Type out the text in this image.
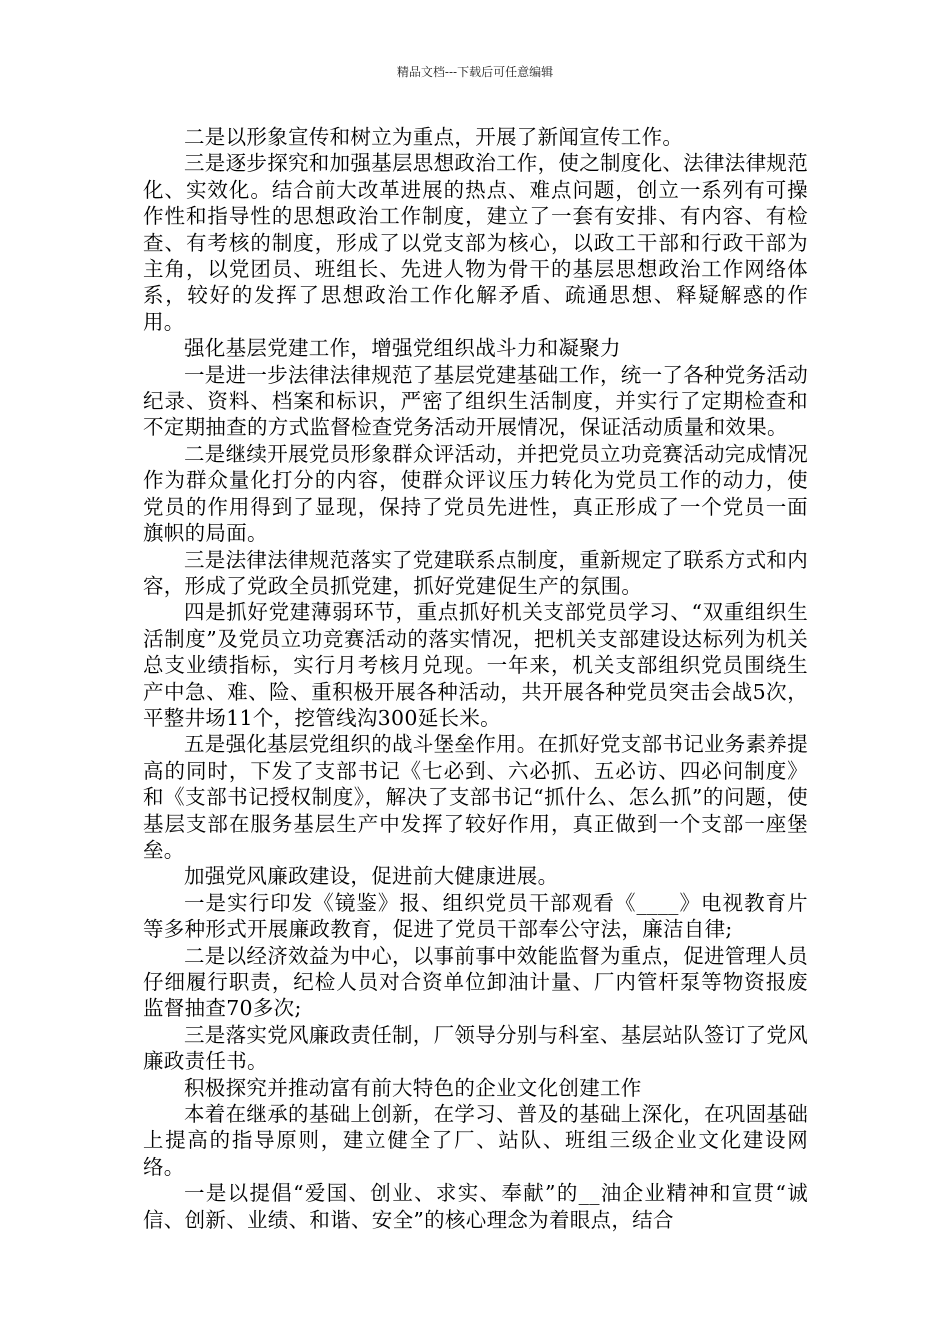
精品文档---下载后可任意编辑

二是以形象宣传和树立为重点，开展了新闻宣传工作。

三是逐步探究和加强基层思想政治工作，使之制度化、法律法律规范化、实效化。结合前大改革进展的热点、难点问题，创立一系列有可操作性和指导性的思想政治工作制度，建立了一套有安排、有内容、有检查、有考核的制度，形成了以党支部为核心，以政工干部和行政干部为主角，以党团员、班组长、先进人物为骨干的基层思想政治工作网络体系，较好的发挥了思想政治工作化解矛盾、疏通思想、释疑解惑的作用。

强化基层党建工作，增强党组织战斗力和凝聚力

一是进一步法律法律规范了基层党建基础工作，统一了各种党务活动纪录、资料、档案和标识，严密了组织生活制度，并实行了定期检查和不定期抽查的方式监督检查党务活动开展情况，保证活动质量和效果。

二是继续开展党员形象群众评活动，并把党员立功竞赛活动完成情况作为群众量化打分的内容，使群众评议压力转化为党员工作的动力，使党员的作用得到了显现，保持了党员先进性，真正形成了一个党员一面旗帜的局面。

三是法律法律规范落实了党建联系点制度，重新规定了联系方式和内容，形成了党政全员抓党建，抓好党建促生产的氛围。

四是抓好党建薄弱环节，重点抓好机关支部党员学习、“双重组织生活制度”及党员立功竞赛活动的落实情况，把机关支部建设达标列为机关总支业绩指标，实行月考核月兑现。一年来，机关支部组织党员围绕生产中急、难、险、重积极开展各种活动，共开展各种党员突击会战5次，平整井场11个，挖管线沟300延长米。

五是强化基层党组织的战斗堡垒作用。在抓好党支部书记业务素养提高的同时，下发了支部书记《七必到、六必抓、五必访、四必问制度》和《支部书记授权制度》，解决了支部书记“抓什么、怎么抓”的问题，使基层支部在服务基层生产中发挥了较好作用，真正做到一个支部一座堡垒。

加强党风廉政建设，促进前大健康进展。

一是实行印发《镜鉴》报、组织党员干部观看《____》电视教育片等多种形式开展廉政教育，促进了党员干部奉公守法，廉洁自律;

二是以经济效益为中心，以事前事中效能监督为重点，促进管理人员仔细履行职责，纪检人员对合资单位卸油计量、厂内管杆泵等物资报废监督抽查70多次;

三是落实党风廉政责任制，厂领导分别与科室、基层站队签订了党风廉政责任书。

积极探究并推动富有前大特色的企业文化创建工作

本着在继承的基础上创新，在学习、普及的基础上深化，在巩固基础上提高的指导原则，建立健全了厂、站队、班组三级企业文化建设网络。

一是以提倡“爱国、创业、求实、奉献”的__油企业精神和宣贯“诚信、创新、业绩、和谐、安全”的核心理念为着眼点，结合
